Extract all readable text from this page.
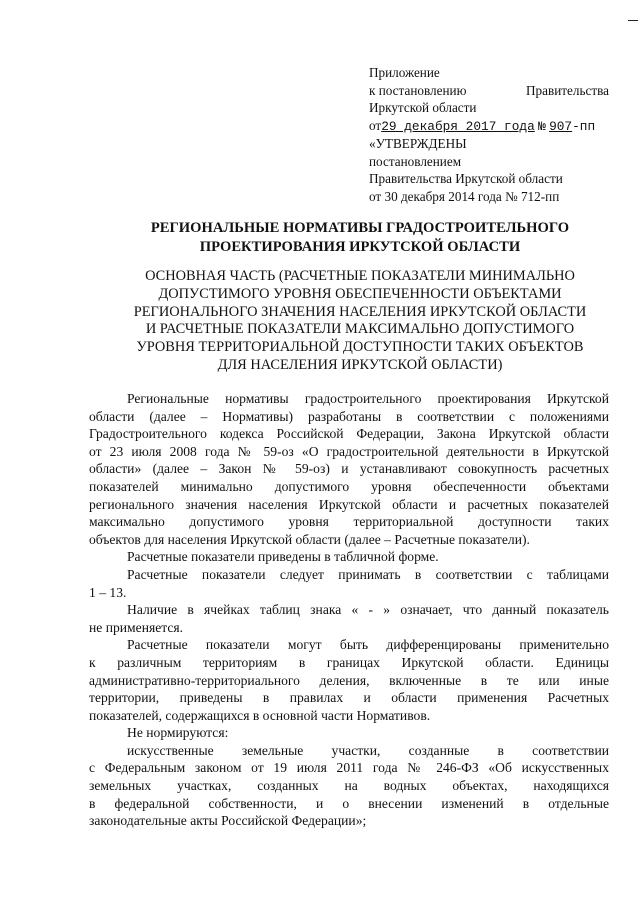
Приложение
к постановлению	Правительства
Иркутской области
от29 декабря 2017 года № 907-пп
«УТВЕРЖДЕНЫ
постановлением
Правительства Иркутской области
от 30 декабря 2014 года № 712-пп
РЕГИОНАЛЬНЫЕ НОРМАТИВЫ ГРАДОСТРОИТЕЛЬНОГО
ПРОЕКТИРОВАНИЯ ИРКУТСКОЙ ОБЛАСТИ
ОСНОВНАЯ ЧАСТЬ (РАСЧЕТНЫЕ ПОКАЗАТЕЛИ МИНИМАЛЬНО
ДОПУСТИМОГО УРОВНЯ ОБЕСПЕЧЕННОСТИ ОБЪЕКТАМИ
РЕГИОНАЛЬНОГО ЗНАЧЕНИЯ НАСЕЛЕНИЯ ИРКУТСКОЙ ОБЛАСТИ
И РАСЧЕТНЫЕ ПОКАЗАТЕЛИ МАКСИМАЛЬНО ДОПУСТИМОГО
УРОВНЯ ТЕРРИТОРИАЛЬНОЙ ДОСТУПНОСТИ ТАКИХ ОБЪЕКТОВ
ДЛЯ НАСЕЛЕНИЯ ИРКУТСКОЙ ОБЛАСТИ)
Региональные нормативы градостроительного проектирования Иркутской
области (далее – Нормативы) разработаны в соответствии с положениями
Градостроительного кодекса Российской Федерации, Закона Иркутской области
от 23 июля 2008 года № 59-оз «О градостроительной деятельности в Иркутской
области» (далее – Закон № 59-оз) и устанавливают совокупность расчетных
показателей минимально допустимого уровня обеспеченности объектами
регионального значения населения Иркутской области и расчетных показателей
максимально допустимого уровня территориальной доступности таких
объектов для населения Иркутской области (далее – Расчетные показатели).
Расчетные показатели приведены в табличной форме.
Расчетные показатели следует принимать в соответствии с таблицами
1 – 13.
Наличие в ячейках таблиц знака « - » означает, что данный показатель
не применяется.
Расчетные показатели могут быть дифференцированы применительно
к различным территориям в границах Иркутской области. Единицы
административно-территориального деления, включенные в те или иные
территории, приведены в правилах и области применения Расчетных
показателей, содержащихся в основной части Нормативов.
Не нормируются:
искусственные земельные участки, созданные в соответствии
с Федеральным законом от 19 июля 2011 года № 246-ФЗ «Об искусственных
земельных участках, созданных на водных объектах, находящихся
в федеральной собственности, и о внесении изменений в отдельные
законодательные акты Российской Федерации»;
